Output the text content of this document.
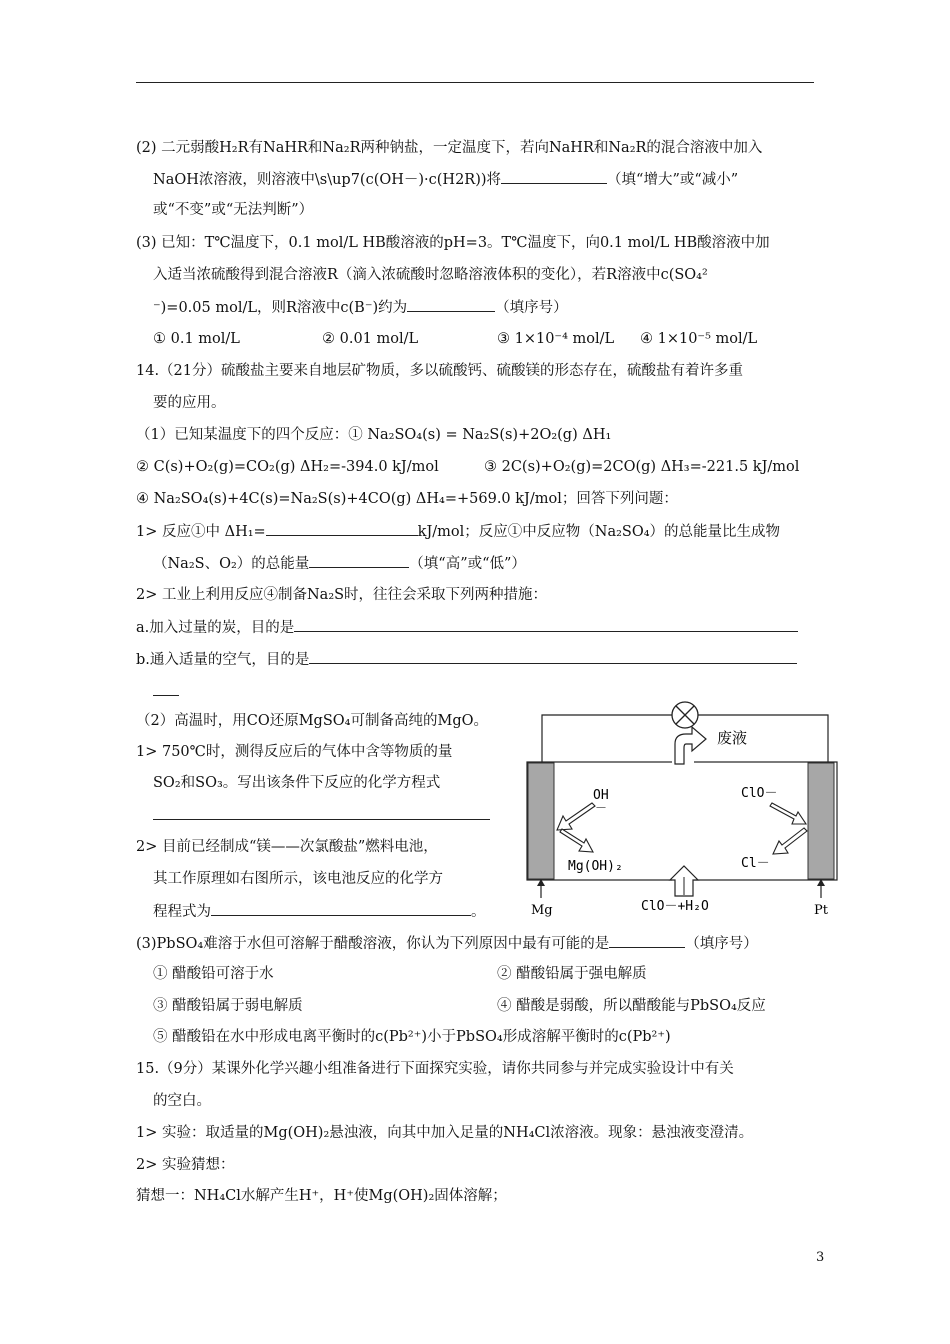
(2) 二元弱酸H₂R有NaHR和Na₂R两种钠盐，一定温度下，若向NaHR和Na₂R的混合溶液中加入
NaOH浓溶液，则溶液中\s\up7(c(OH－)·c(H2R))将	（填“增大”或“减小”
或“不变”或“无法判断”）
(3) 已知：T℃温度下，0.1 mol/L HB酸溶液的pH=3。T℃温度下，向0.1 mol/L HB酸溶液中加
入适当浓硫酸得到混合溶液R（滴入浓硫酸时忽略溶液体积的变化），若R溶液中c(SO₄²
⁻)=0.05 mol/L，则R溶液中c(B⁻)约为	（填序号）
① 0.1 mol/L	② 0.01 mol/L	③ 1×10⁻⁴ mol/L ④ 1×10⁻⁵ mol/L
14.（21分）硫酸盐主要来自地层矿物质，多以硫酸钙、硫酸镁的形态存在，硫酸盐有着许多重
要的应用。
（1）已知某温度下的四个反应：① Na₂SO₄(s) = Na₂S(s)+2O₂(g) ΔH₁
② C(s)+O₂(g)=CO₂(g) ΔH₂=-394.0 kJ/mol	③ 2C(s)+O₂(g)=2CO(g) ΔH₃=-221.5 kJ/mol
④ Na₂SO₄(s)+4C(s)=Na₂S(s)+4CO(g) ΔH₄=+569.0 kJ/mol；回答下列问题：
1> 反应①中 ΔH₁=	kJ/mol；反应①中反应物（Na₂SO₄）的总能量比生成物
（Na₂S、O₂）的总能量	（填“高”或“低”）
2> 工业上利用反应④制备Na₂S时，往往会采取下列两种措施：
a.加入过量的炭，目的是
b.通入适量的空气，目的是
（2）高温时，用CO还原MgSO₄可制备高纯的MgO。
1> 750℃时，测得反应后的气体中含等物质的量
SO₂和SO₃。写出该条件下反应的化学方程式
2> 目前已经制成“镁——次氯酸盐”燃料电池，
其工作原理如右图所示，该电池反应的化学方
程程式为	。
(3)PbSO₄难溶于水但可溶解于醋酸溶液，你认为下列原因中最有可能的是	（填序号）
① 醋酸铅可溶于水	② 醋酸铅属于强电解质
③ 醋酸铅属于弱电解质	④ 醋酸是弱酸，所以醋酸能与PbSO₄反应
⑤ 醋酸铅在水中形成电离平衡时的c(Pb²⁺)小于PbSO₄形成溶解平衡时的c(Pb²⁺)
15.（9分）某课外化学兴趣小组准备进行下面探究实验，请你共同参与并完成实验设计中有关
的空白。
1> 实验：取适量的Mg(OH)₂悬浊液，向其中加入足量的NH₄Cl浓溶液。现象：悬浊液变澄清。
2> 实验猜想：
猜想一：NH₄Cl水解产生H⁺，H⁺使Mg(OH)₂固体溶解；
废液
OH
－
Mg(OH)₂
ClO－
Cl－
ClO－+H₂O
Mg	Pt
3
